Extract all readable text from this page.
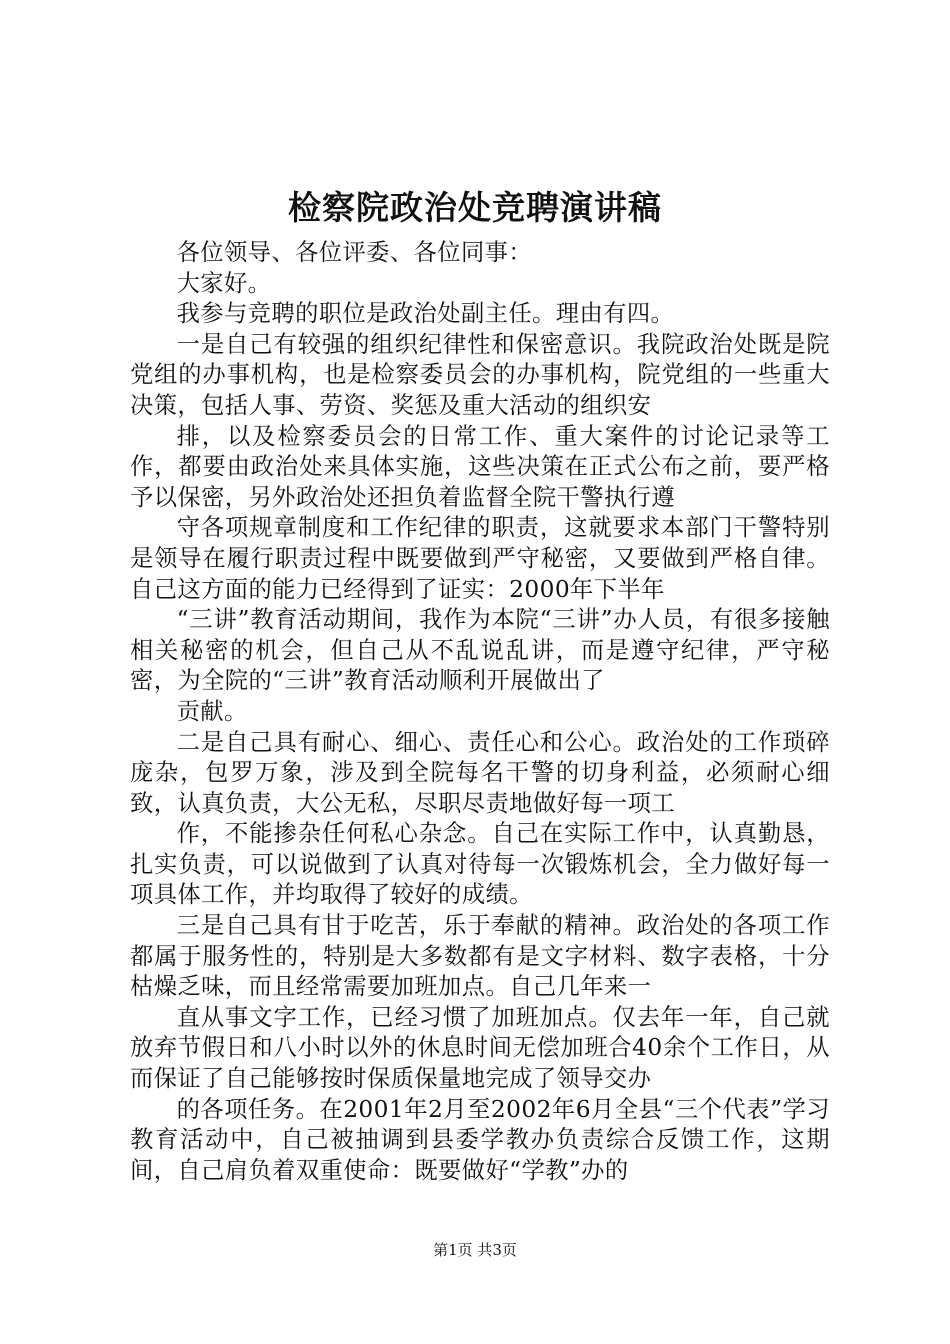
检察院政治处竞聘演讲稿

各位领导、各位评委、各位同事：

大家好。

我参与竞聘的职位是政治处副主任。理由有四。

一是自己有较强的组织纪律性和保密意识。我院政治处既是院党组的办事机构，也是检察委员会的办事机构，院党组的一些重大决策，包括人事、劳资、奖惩及重大活动的组织安

排，以及检察委员会的日常工作、重大案件的讨论记录等工作，都要由政治处来具体实施，这些决策在正式公布之前，要严格予以保密，另外政治处还担负着监督全院干警执行遵

守各项规章制度和工作纪律的职责，这就要求本部门干警特别是领导在履行职责过程中既要做到严守秘密，又要做到严格自律。自己这方面的能力已经得到了证实：2000年下半年

“三讲”教育活动期间，我作为本院“三讲”办人员，有很多接触相关秘密的机会，但自己从不乱说乱讲，而是遵守纪律，严守秘密，为全院的“三讲”教育活动顺利开展做出了

贡献。

二是自己具有耐心、细心、责任心和公心。政治处的工作琐碎庞杂，包罗万象，涉及到全院每名干警的切身利益，必须耐心细致，认真负责，大公无私，尽职尽责地做好每一项工

作，不能掺杂任何私心杂念。自己在实际工作中，认真勤恳，扎实负责，可以说做到了认真对待每一次锻炼机会，全力做好每一项具体工作，并均取得了较好的成绩。

三是自己具有甘于吃苦，乐于奉献的精神。政治处的各项工作都属于服务性的，特别是大多数都有是文字材料、数字表格，十分枯燥乏味，而且经常需要加班加点。自己几年来一

直从事文字工作，已经习惯了加班加点。仅去年一年，自己就放弃节假日和八小时以外的休息时间无偿加班合40余个工作日，从而保证了自己能够按时保质保量地完成了领导交办

的各项任务。在2001年2月至2002年6月全县“三个代表”学习教育活动中，自己被抽调到县委学教办负责综合反馈工作，这期间，自己肩负着双重使命：既要做好“学教”办的

第1页 共3页
